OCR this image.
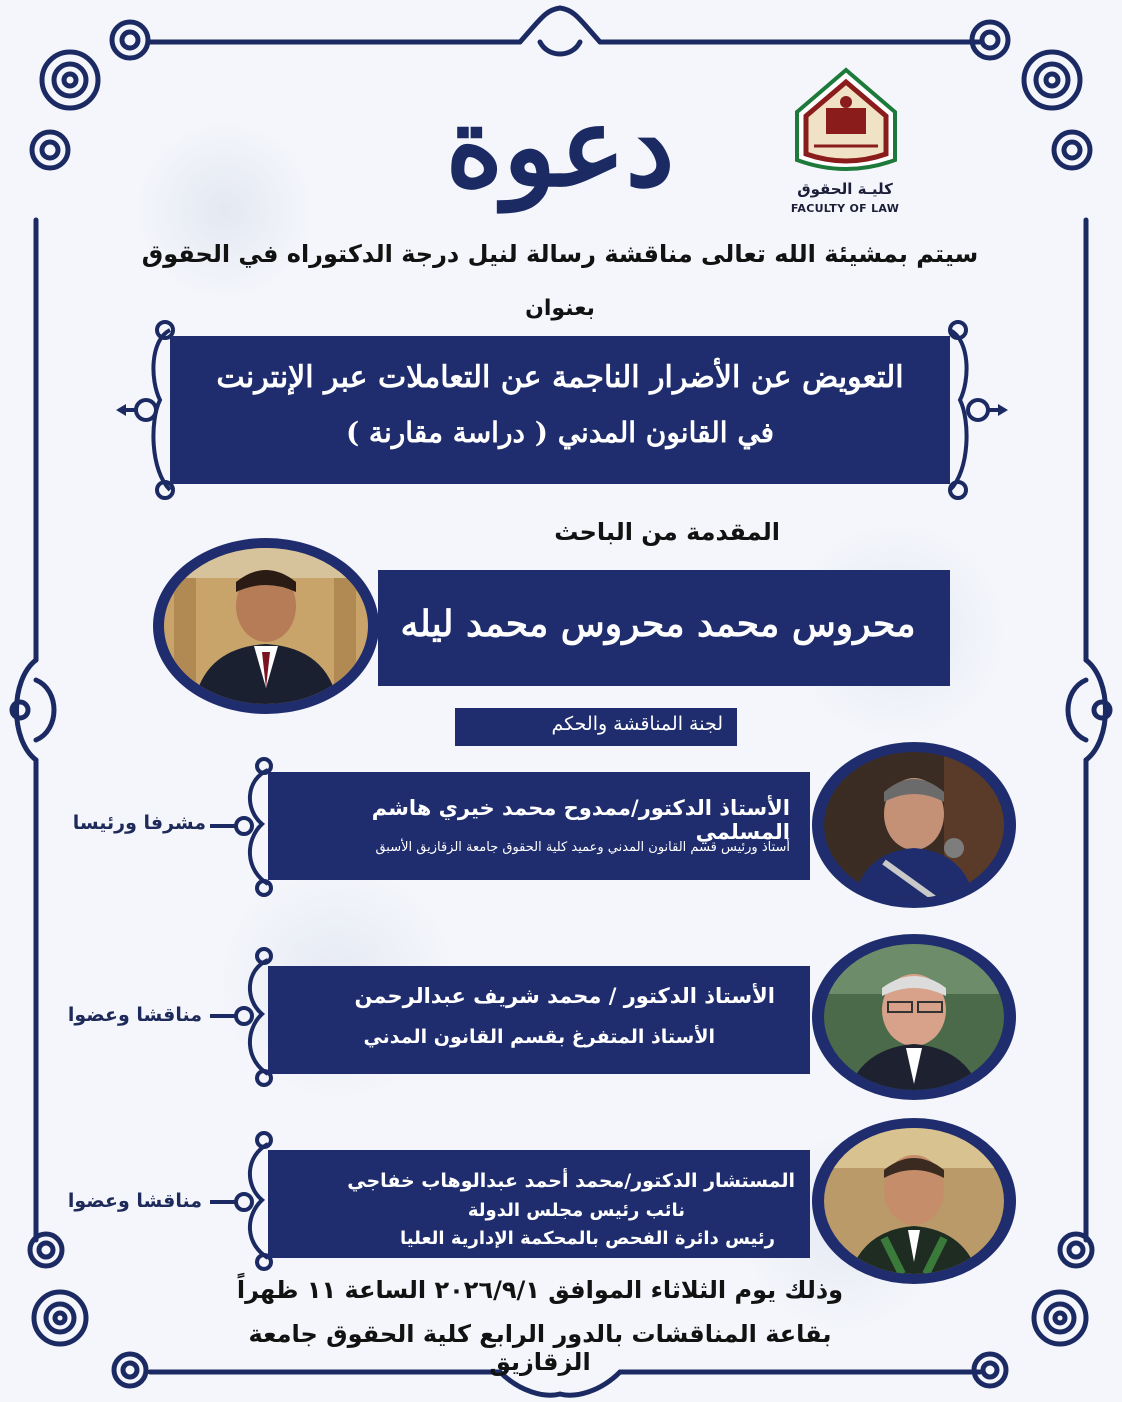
دعوة	كليـة الحقوق
FACULTY OF LAW
سيتم بمشيئة الله تعالى مناقشة رسالة لنيل درجة الدكتوراه في الحقوق
بعنوان
التعويض عن الأضرار الناجمة عن التعاملات عبر الإنترنت
في القانون المدني ( دراسة مقارنة )
المقدمة من الباحث
محروس محمد محروس محمد ليله
لجنة المناقشة والحكم
الأستاذ الدكتور/ممدوح محمد خيري هاشم المسلمي
أستاذ ورئيس قسم القانون المدني وعميد كلية الحقوق جامعة الزقازيق الأسبق
مشرفا ورئيسا
الأستاذ الدكتور / محمد شريف عبدالرحمن
الأستاذ المتفرغ بقسم القانون المدني
مناقشا وعضوا
المستشار الدكتور/محمد أحمد عبدالوهاب خفاجي
نائب رئيس مجلس الدولة
رئيس دائرة الفحص بالمحكمة الإدارية العليا
مناقشا وعضوا
وذلك يوم الثلاثاء الموافق ٢٠٢٦/٩/١ الساعة ١١ ظهراً
بقاعة المناقشات بالدور الرابع كلية الحقوق جامعة الزقازيق
